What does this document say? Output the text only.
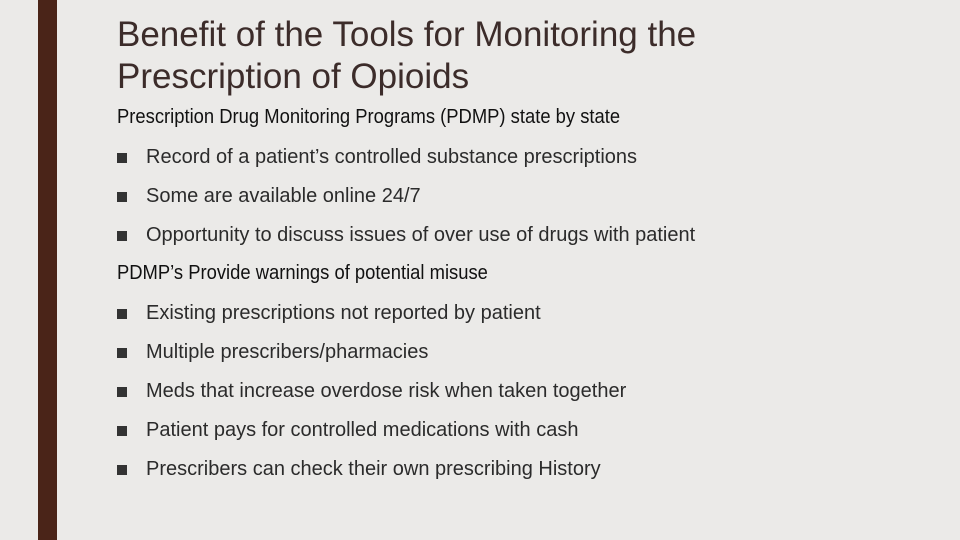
Benefit of the Tools for Monitoring the
Prescription of Opioids
Prescription Drug Monitoring Programs (PDMP) state by state
Record of a patient’s controlled substance prescriptions
Some are available online 24/7
Opportunity to discuss issues of over use of drugs with patient
PDMP’s Provide warnings of potential misuse
Existing prescriptions not reported by patient
Multiple prescribers/pharmacies
Meds that increase overdose risk when taken together
Patient pays for controlled medications with cash
Prescribers can check their own prescribing History
